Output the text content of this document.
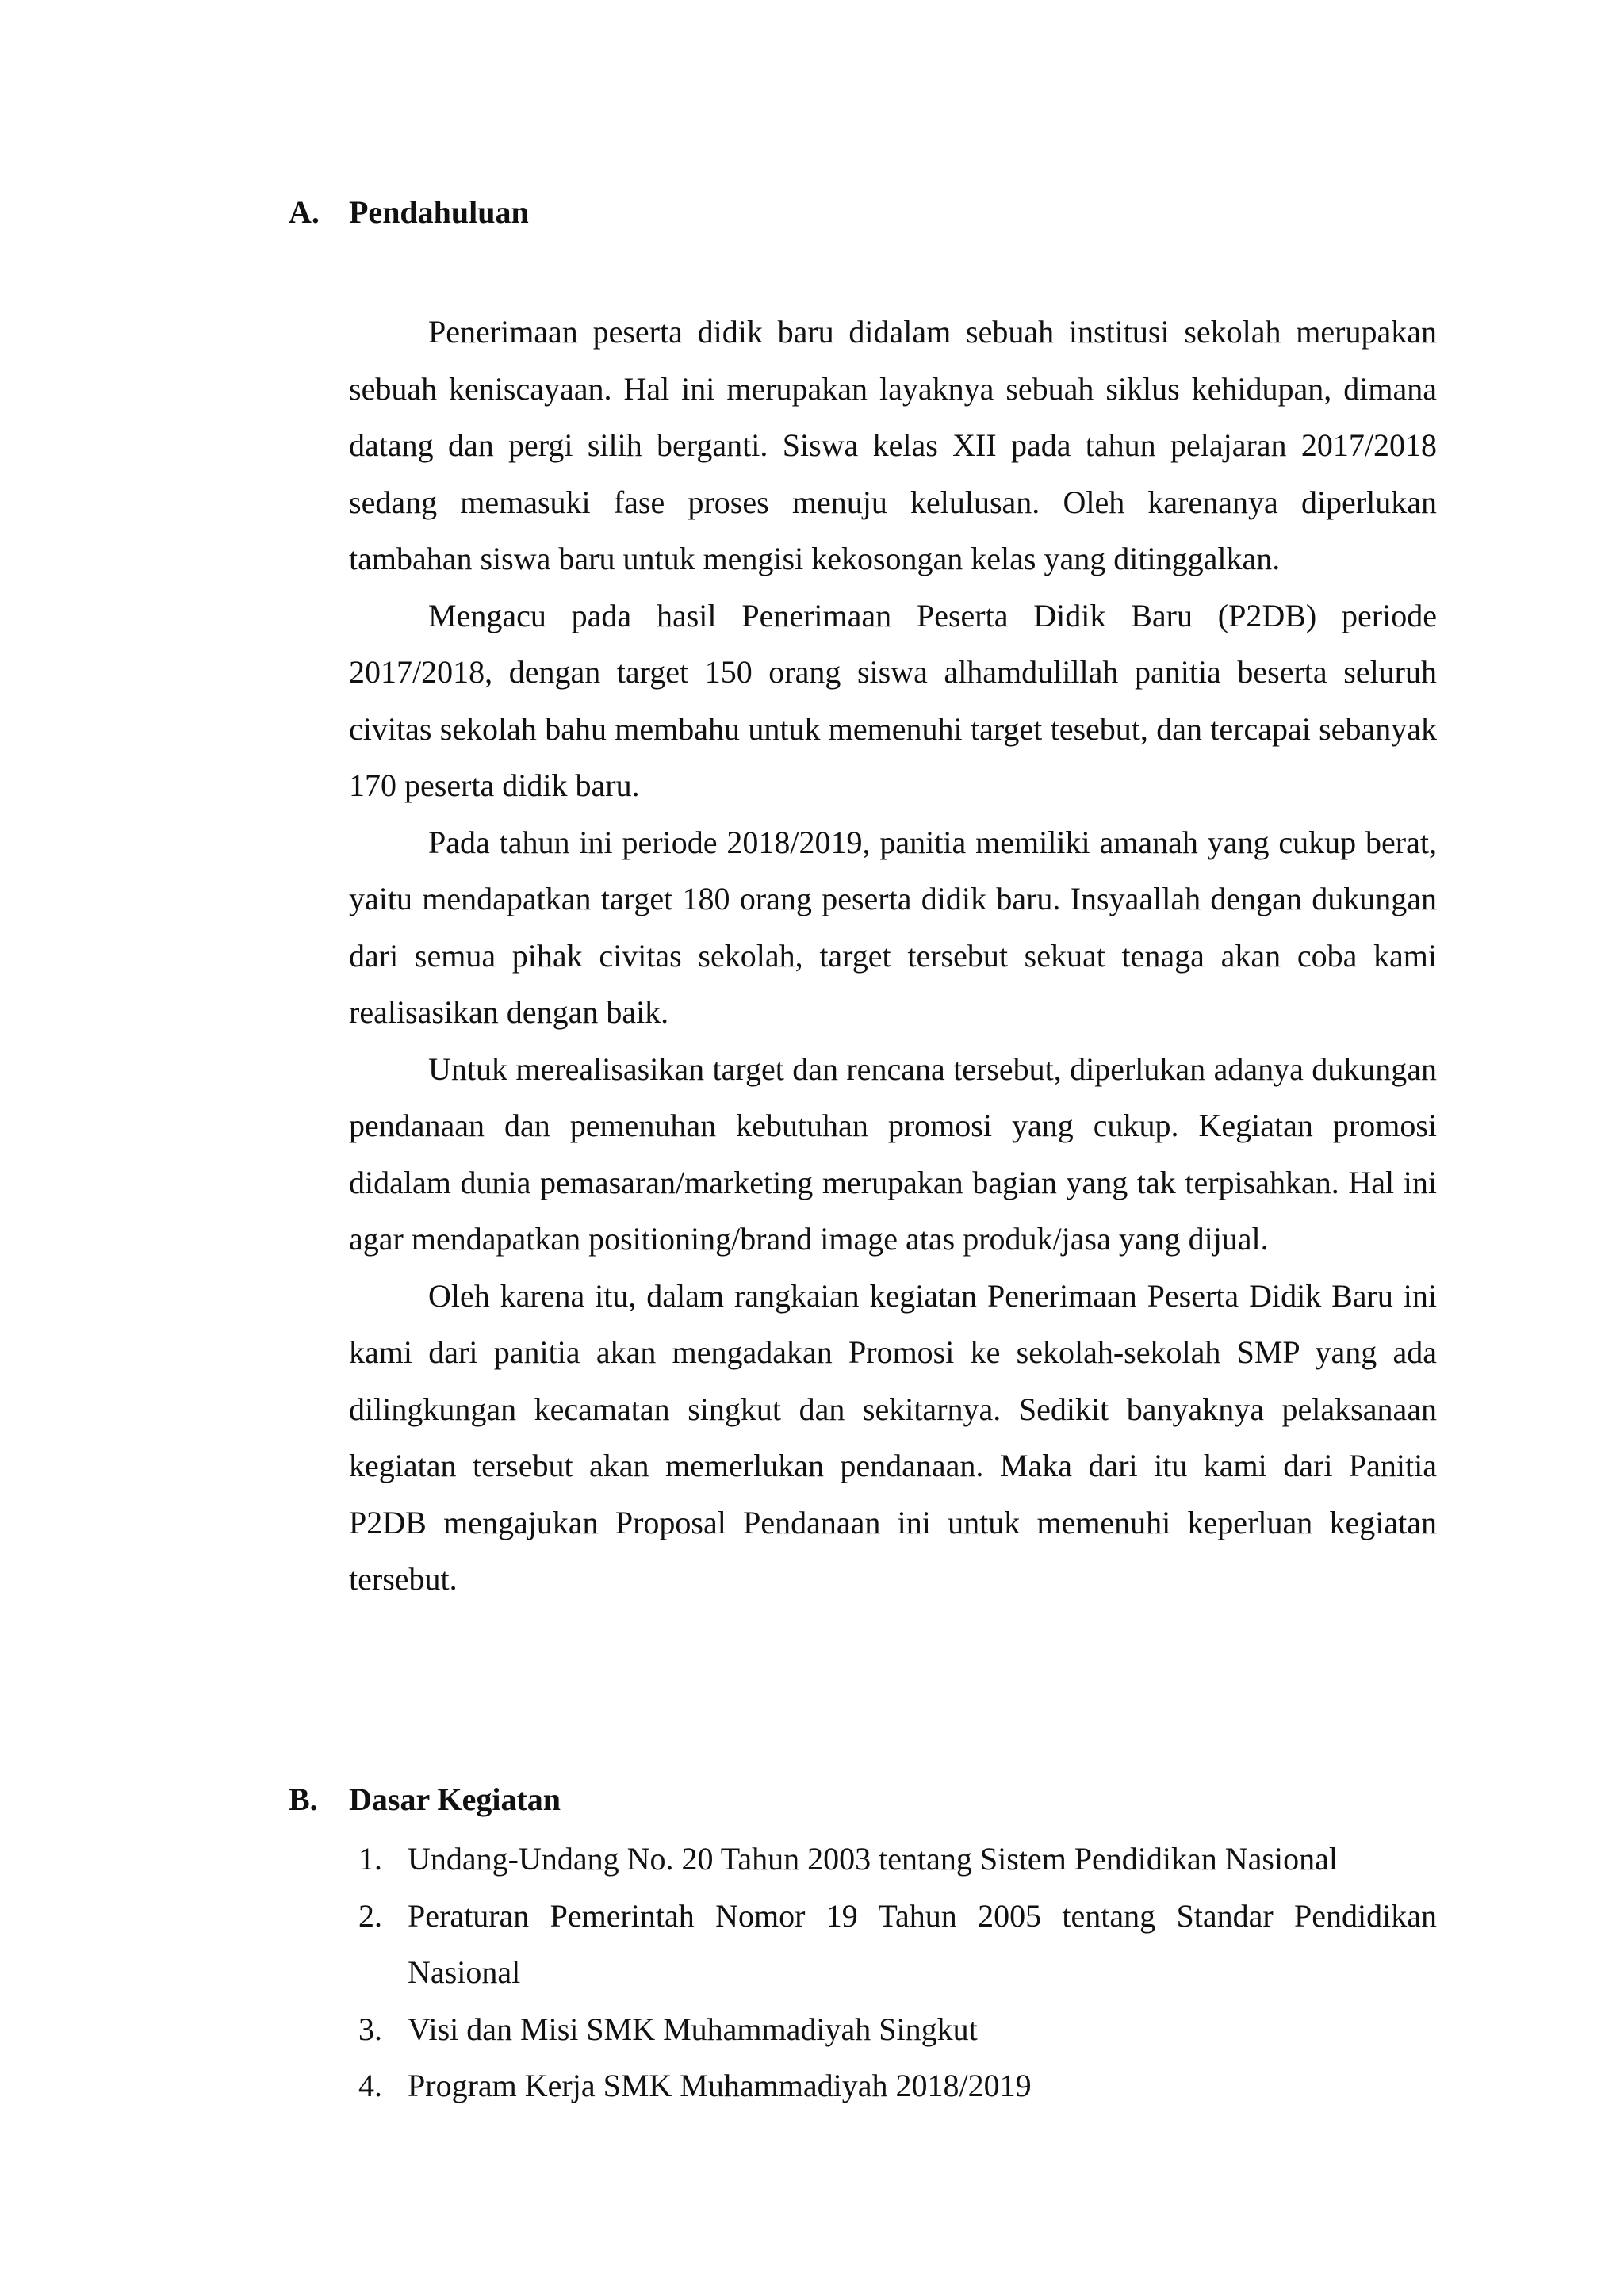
A. Pendahuluan

Penerimaan peserta didik baru didalam sebuah institusi sekolah merupakan sebuah keniscayaan. Hal ini merupakan layaknya sebuah siklus kehidupan, dimana datang dan pergi silih berganti. Siswa kelas XII pada tahun pelajaran 2017/2018 sedang memasuki fase proses menuju kelulusan. Oleh karenanya diperlukan tambahan siswa baru untuk mengisi kekosongan kelas yang ditinggalkan.

Mengacu pada hasil Penerimaan Peserta Didik Baru (P2DB) periode 2017/2018, dengan target 150 orang siswa alhamdulillah panitia beserta seluruh civitas sekolah bahu membahu untuk memenuhi target tesebut, dan tercapai sebanyak 170 peserta didik baru.

Pada tahun ini periode 2018/2019, panitia memiliki amanah yang cukup berat, yaitu mendapatkan target 180 orang peserta didik baru. Insyaallah dengan dukungan dari semua pihak civitas sekolah, target tersebut sekuat tenaga akan coba kami realisasikan dengan baik.

Untuk merealisasikan target dan rencana tersebut, diperlukan adanya dukungan pendanaan dan pemenuhan kebutuhan promosi yang cukup. Kegiatan promosi didalam dunia pemasaran/marketing merupakan bagian yang tak terpisahkan. Hal ini agar mendapatkan positioning/brand image atas produk/jasa yang dijual.

Oleh karena itu, dalam rangkaian kegiatan Penerimaan Peserta Didik Baru ini kami dari panitia akan mengadakan Promosi ke sekolah-sekolah SMP yang ada dilingkungan kecamatan singkut dan sekitarnya. Sedikit banyaknya pelaksanaan kegiatan tersebut akan memerlukan pendanaan. Maka dari itu kami dari Panitia P2DB mengajukan Proposal Pendanaan ini untuk memenuhi keperluan kegiatan tersebut.

B. Dasar Kegiatan
1. Undang-Undang No. 20 Tahun 2003 tentang Sistem Pendidikan Nasional
2. Peraturan Pemerintah Nomor 19 Tahun 2005 tentang Standar Pendidikan Nasional
3. Visi dan Misi SMK Muhammadiyah Singkut
4. Program Kerja SMK Muhammadiyah 2018/2019
